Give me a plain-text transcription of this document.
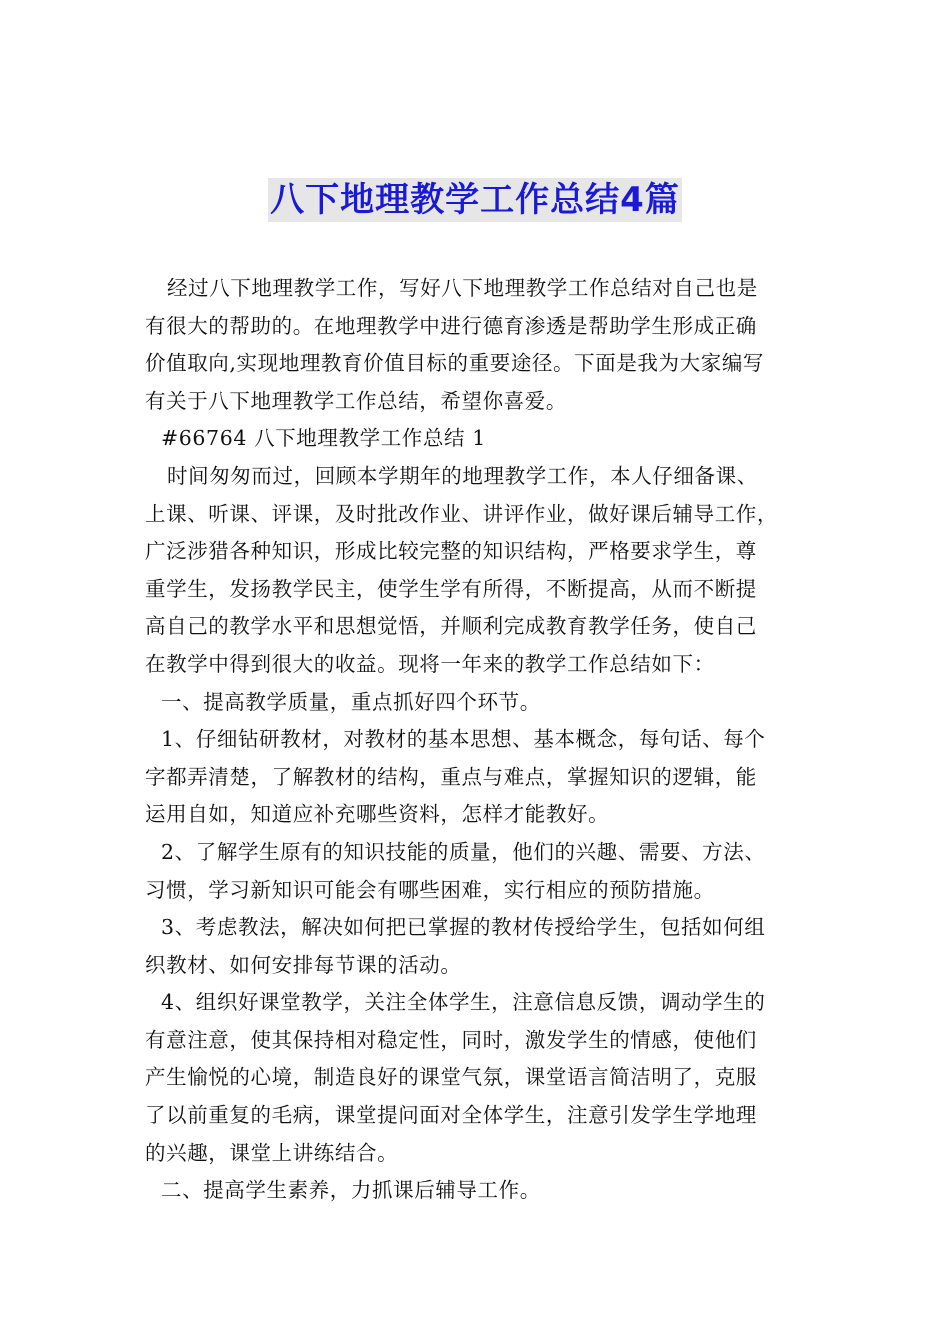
八下地理教学工作总结4篇
经过八下地理教学工作，写好八下地理教学工作总结对自己也是
有很大的帮助的。在地理教学中进行德育渗透是帮助学生形成正确
价值取向,实现地理教育价值目标的重要途径。下面是我为大家编写
有关于八下地理教学工作总结，希望你喜爱。
#66764 八下地理教学工作总结 1
时间匆匆而过，回顾本学期年的地理教学工作，本人仔细备课、
上课、听课、评课，及时批改作业、讲评作业，做好课后辅导工作，
广泛涉猎各种知识，形成比较完整的知识结构，严格要求学生，尊
重学生，发扬教学民主，使学生学有所得，不断提高，从而不断提
高自己的教学水平和思想觉悟，并顺利完成教育教学任务，使自己
在教学中得到很大的收益。现将一年来的教学工作总结如下：
一、提高教学质量，重点抓好四个环节。
1、仔细钻研教材，对教材的基本思想、基本概念，每句话、每个
字都弄清楚，了解教材的结构，重点与难点，掌握知识的逻辑，能
运用自如，知道应补充哪些资料，怎样才能教好。
2、了解学生原有的知识技能的质量，他们的兴趣、需要、方法、
习惯，学习新知识可能会有哪些困难，实行相应的预防措施。
3、考虑教法，解决如何把已掌握的教材传授给学生，包括如何组
织教材、如何安排每节课的活动。
4、组织好课堂教学，关注全体学生，注意信息反馈，调动学生的
有意注意，使其保持相对稳定性，同时，激发学生的情感，使他们
产生愉悦的心境，制造良好的课堂气氛，课堂语言简洁明了，克服
了以前重复的毛病，课堂提问面对全体学生，注意引发学生学地理
的兴趣，课堂上讲练结合。
二、提高学生素养，力抓课后辅导工作。
